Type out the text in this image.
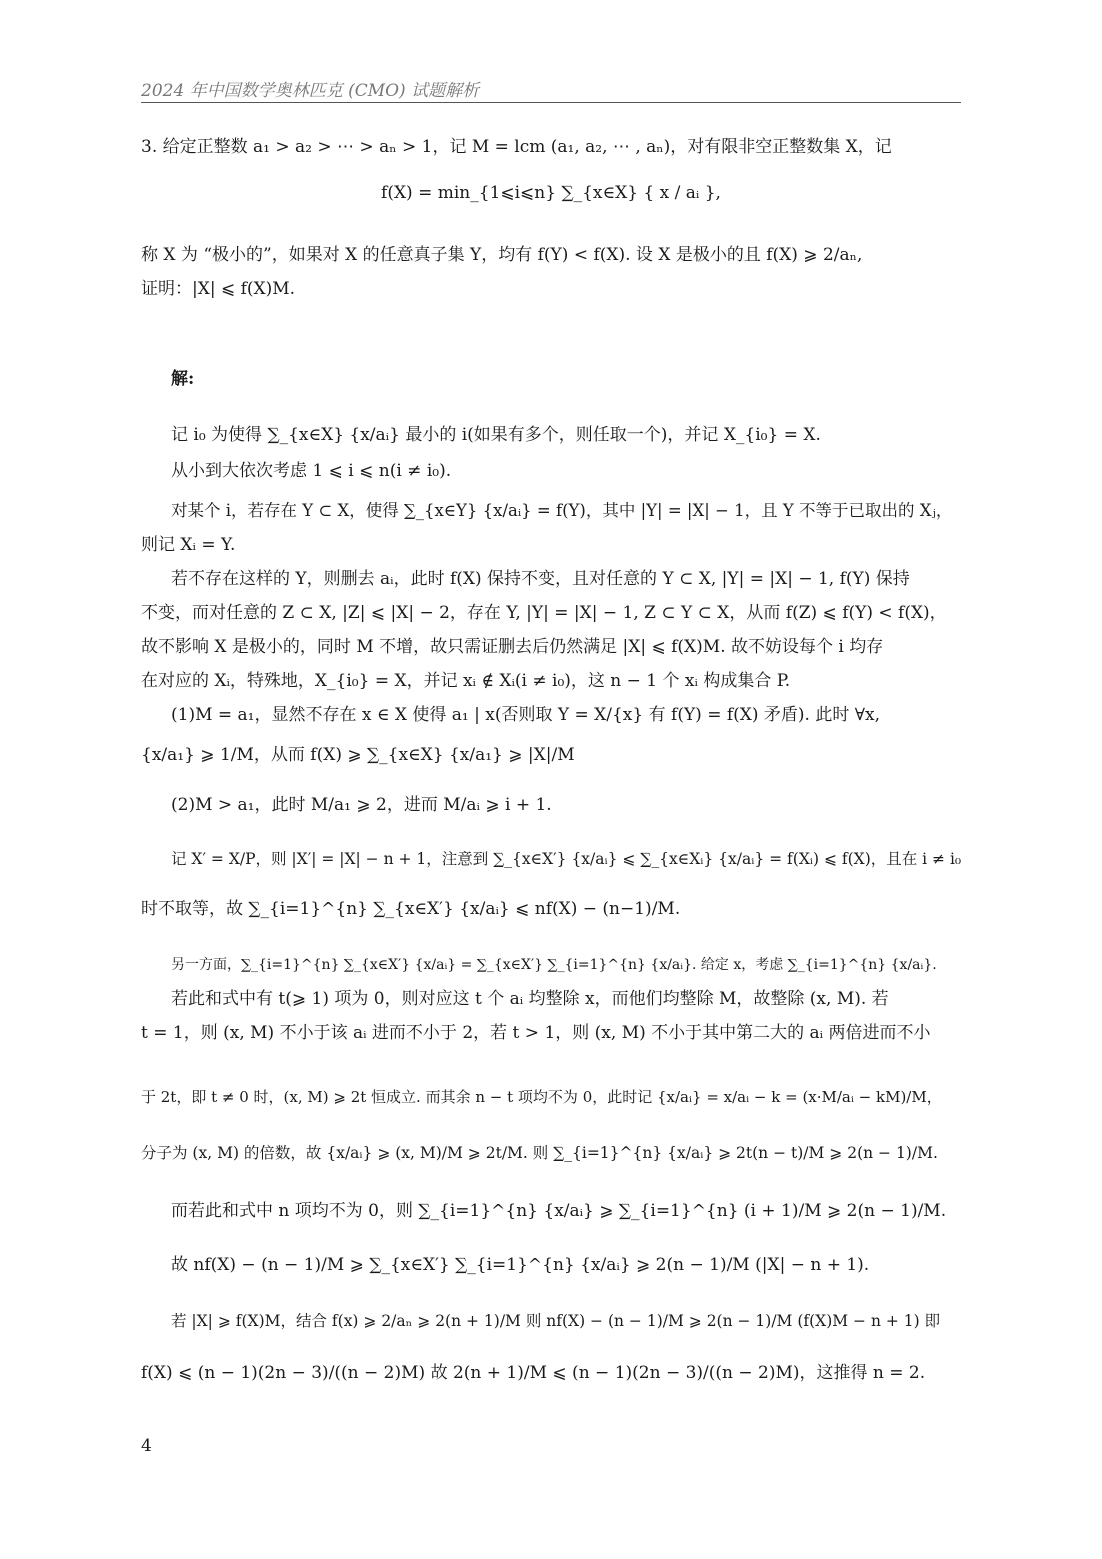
2024 年中国数学奥林匹克 (CMO) 试题解析
3. 给定正整数 a₁ > a₂ > ⋯ > aₙ > 1，记 M = lcm (a₁, a₂, ⋯ , aₙ)，对有限非空正整数集 X，记
f(X) = min_{1⩽i⩽n} ∑_{x∈X} { x / aᵢ },
称 X 为 “极小的”，如果对 X 的任意真子集 Y，均有 f(Y) < f(X). 设 X 是极小的且 f(X) ⩾ 2/aₙ,
证明：|X| ⩽ f(X)M.
解:
记 i₀ 为使得 ∑_{x∈X} {x/aᵢ} 最小的 i(如果有多个，则任取一个)，并记 X_{i₀} = X.
从小到大依次考虑 1 ⩽ i ⩽ n(i ≠ i₀).
对某个 i，若存在 Y ⊂ X，使得 ∑_{x∈Y} {x/aᵢ} = f(Y)，其中 |Y| = |X| − 1，且 Y 不等于已取出的 Xⱼ，
则记 Xᵢ = Y.
若不存在这样的 Y，则删去 aᵢ，此时 f(X) 保持不变，且对任意的 Y ⊂ X, |Y| = |X| − 1, f(Y) 保持
不变，而对任意的 Z ⊂ X, |Z| ⩽ |X| − 2，存在 Y, |Y| = |X| − 1, Z ⊂ Y ⊂ X，从而 f(Z) ⩽ f(Y) < f(X)，
故不影响 X 是极小的，同时 M 不增，故只需证删去后仍然满足 |X| ⩽ f(X)M. 故不妨设每个 i 均存
在对应的 Xᵢ，特殊地，X_{i₀} = X，并记 xᵢ ∉ Xᵢ(i ≠ i₀)，这 n − 1 个 xᵢ 构成集合 P.
(1)M = a₁，显然不存在 x ∈ X 使得 a₁ | x(否则取 Y = X/{x} 有 f(Y) = f(X) 矛盾). 此时 ∀x,
{x/a₁} ⩾ 1/M，从而 f(X) ⩾ ∑_{x∈X} {x/a₁} ⩾ |X|/M
(2)M > a₁，此时 M/a₁ ⩾ 2，进而 M/aᵢ ⩾ i + 1.
记 X′ = X/P，则 |X′| = |X| − n + 1，注意到 ∑_{x∈X′} {x/aᵢ} ⩽ ∑_{x∈Xᵢ} {x/aᵢ} = f(Xᵢ) ⩽ f(X)，且在 i ≠ i₀
时不取等，故 ∑_{i=1}^{n} ∑_{x∈X′} {x/aᵢ} ⩽ nf(X) − (n−1)/M.
另一方面，∑_{i=1}^{n} ∑_{x∈X′} {x/aᵢ} = ∑_{x∈X′} ∑_{i=1}^{n} {x/aᵢ}. 给定 x，考虑 ∑_{i=1}^{n} {x/aᵢ}.
若此和式中有 t(⩾ 1) 项为 0，则对应这 t 个 aᵢ 均整除 x，而他们均整除 M，故整除 (x, M). 若
t = 1，则 (x, M) 不小于该 aᵢ 进而不小于 2，若 t > 1，则 (x, M) 不小于其中第二大的 aᵢ 两倍进而不小
于 2t，即 t ≠ 0 时，(x, M) ⩾ 2t 恒成立. 而其余 n − t 项均不为 0，此时记 {x/aᵢ} = x/aᵢ − k = (x·M/aᵢ − kM)/M，
分子为 (x, M) 的倍数，故 {x/aᵢ} ⩾ (x, M)/M ⩾ 2t/M. 则 ∑_{i=1}^{n} {x/aᵢ} ⩾ 2t(n − t)/M ⩾ 2(n − 1)/M.
而若此和式中 n 项均不为 0，则 ∑_{i=1}^{n} {x/aᵢ} ⩾ ∑_{i=1}^{n} (i + 1)/M ⩾ 2(n − 1)/M.
故 nf(X) − (n − 1)/M ⩾ ∑_{x∈X′} ∑_{i=1}^{n} {x/aᵢ} ⩾ 2(n − 1)/M (|X| − n + 1).
若 |X| ⩾ f(X)M，结合 f(x) ⩾ 2/aₙ ⩾ 2(n + 1)/M 则 nf(X) − (n − 1)/M ⩾ 2(n − 1)/M (f(X)M − n + 1) 即
f(X) ⩽ (n − 1)(2n − 3)/((n − 2)M) 故 2(n + 1)/M ⩽ (n − 1)(2n − 3)/((n − 2)M)，这推得 n = 2.
4
